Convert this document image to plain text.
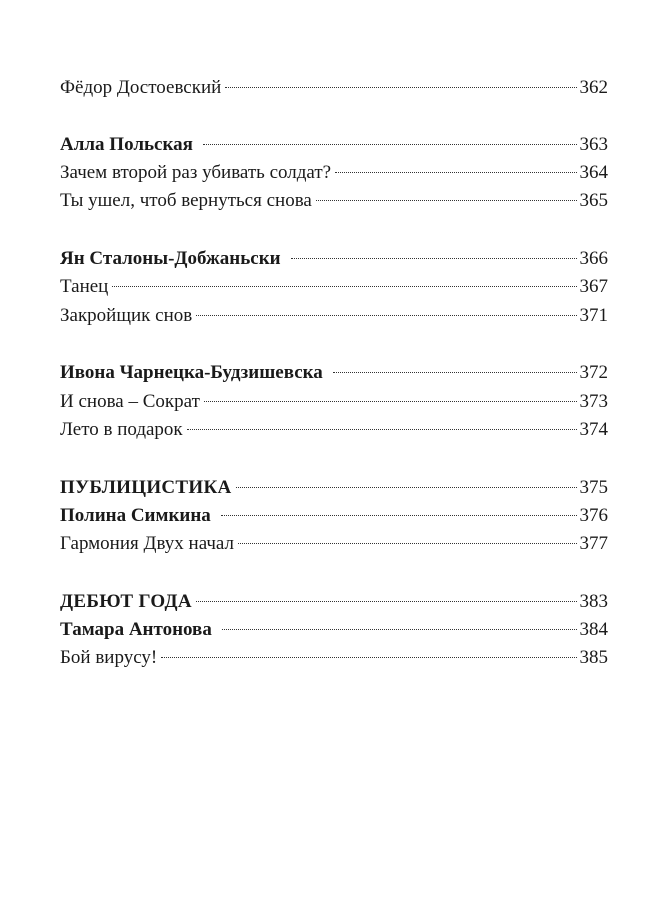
Фёдор Достоевский	362
Алла Польская	363
Зачем второй раз убивать солдат?	364
Ты ушел, чтоб вернуться снова	365
Ян Сталоны-Добжаньски	366
Танец	367
Закройщик снов	371
Ивона Чарнецка-Будзишевска	372
И снова – Сократ	373
Лето в подарок	374
ПУБЛИЦИСТИКА	375
Полина Симкина	376
Гармония Двух начал	377
ДЕБЮТ ГОДА	383
Тамара Антонова	384
Бой вирусу!	385
